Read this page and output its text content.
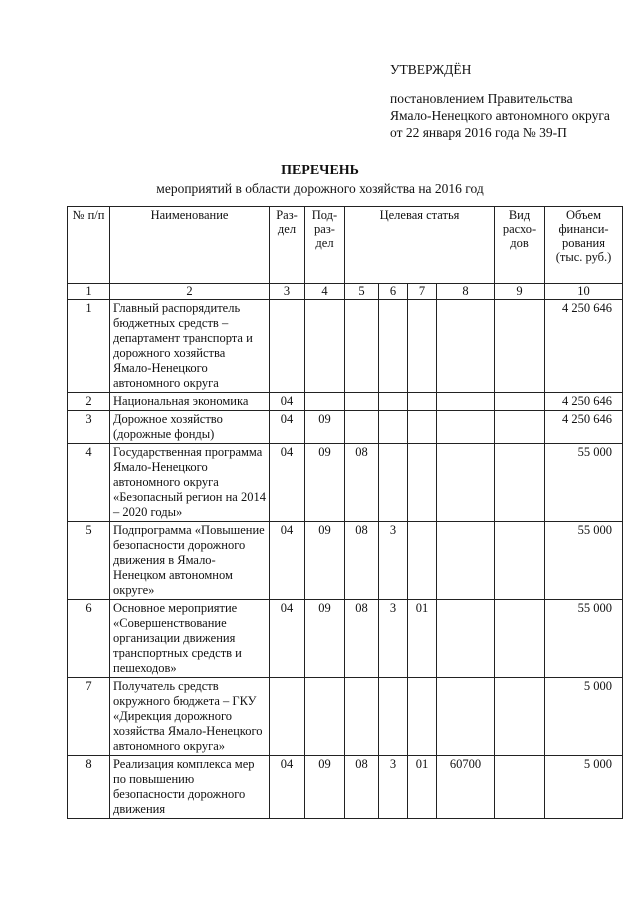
УТВЕРЖДЁН
постановлением Правительства
Ямало-Ненецкого автономного округа
от 22 января 2016 года № 39-П
ПЕРЕЧЕНЬ
мероприятий в области дорожного хозяйства на 2016 год
№ п/п	Наименование	Раз- дел	Под- раз- дел	Целевая статья				Вид расхо- дов	Объем финанси- рования (тыс. руб.)
1	2	3	4	5	6	7	8	9	10
1	Главный распорядитель бюджетных средств – департамент транспорта и дорожного хозяйства Ямало-Ненецкого автономного округа								4 250 646
2	Национальная экономика	04							4 250 646
3	Дорожное хозяйство (дорожные фонды)	04	09						4 250 646
4	Государственная программа Ямало-Ненецкого автономного округа «Безопасный регион на 2014 – 2020 годы»	04	09	08					55 000
5	Подпрограмма «Повышение безопасности дорожного движения в Ямало-Ненецком автономном округе»	04	09	08	3				55 000
6	Основное мероприятие «Совершенствование организации движения транспортных средств и пешеходов»	04	09	08	3	01			55 000
7	Получатель средств окружного бюджета – ГКУ «Дирекция дорожного хозяйства Ямало-Ненецкого автономного округа»								5 000
8	Реализация комплекса мер по повышению безопасности дорожного движения	04	09	08	3	01	60700		5 000
